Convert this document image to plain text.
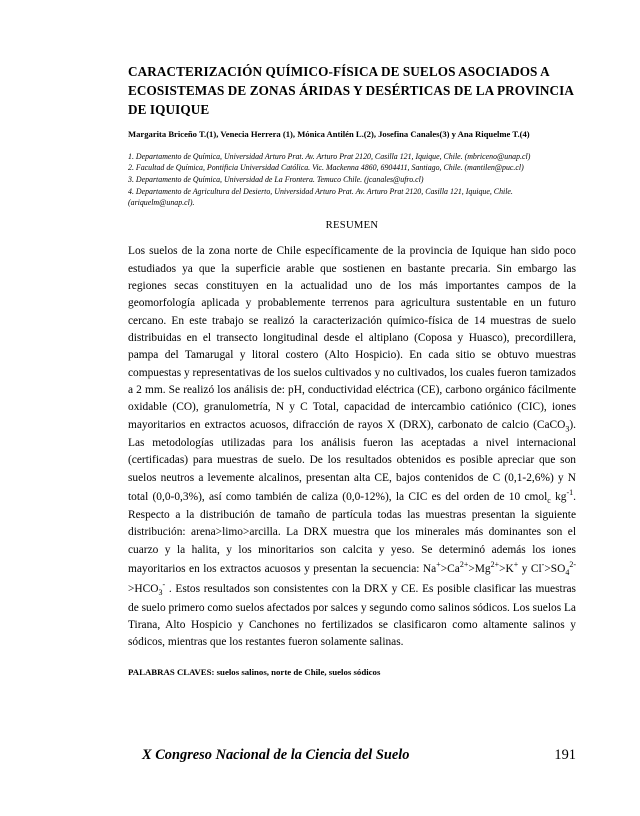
CARACTERIZACIÓN QUÍMICO-FÍSICA DE SUELOS ASOCIADOS A ECOSISTEMAS DE ZONAS ÁRIDAS Y DESÉRTICAS DE LA PROVINCIA DE IQUIQUE
Margarita Briceño T.(1), Venecia Herrera (1), Mónica Antilén L.(2), Josefina Canales(3) y Ana Riquelme T.(4)
1. Departamento de Química, Universidad Arturo Prat. Av. Arturo Prat 2120, Casilla 121, Iquique, Chile. (mbriceno@unap.cl)
2. Facultad de Química, Pontificia Universidad Católica. Vic. Mackenna 4860, 6904411, Santiago, Chile. (mantilen@puc.cl)
3. Departamento de Química, Universidad de La Frontera. Temuco Chile. (jcanales@ufro.cl)
4. Departamento de Agricultura del Desierto, Universidad Arturo Prat. Av. Arturo Prat 2120, Casilla 121, Iquique, Chile. (ariquelm@unap.cl).
RESUMEN
Los suelos de la zona norte de Chile específicamente de la provincia de Iquique han sido poco estudiados ya que la superficie arable que sostienen en bastante precaria. Sin embargo las regiones secas constituyen en la actualidad uno de los más importantes campos de la geomorfología aplicada y probablemente terrenos para agricultura sustentable en un futuro cercano. En este trabajo se realizó la caracterización químico-física de 14 muestras de suelo distribuidas en el transecto longitudinal desde el altiplano (Coposa y Huasco), precordillera, pampa del Tamarugal y litoral costero (Alto Hospicio). En cada sitio se obtuvo muestras compuestas y representativas de los suelos cultivados y no cultivados, los cuales fueron tamizados a 2 mm. Se realizó los análisis de: pH, conductividad eléctrica (CE), carbono orgánico fácilmente oxidable (CO), granulometría, N y C Total, capacidad de intercambio catiónico (CIC), iones mayoritarios en extractos acuosos, difracción de rayos X (DRX), carbonato de calcio (CaCO$_3$). Las metodologías utilizadas para los análisis fueron las aceptadas a nivel internacional (certificadas) para muestras de suelo. De los resultados obtenidos es posible apreciar que son suelos neutros a levemente alcalinos, presentan alta CE, bajos contenidos de C (0,1-2,6%) y N total (0,0-0,3%), así como también de caliza (0,0-12%), la CIC es del orden de 10 cmol$_c$ $kg^{-1}$. Respecto a la distribución de tamaño de partícula todas las muestras presentan la siguiente distribución: arena>limo>arcilla. La DRX muestra que los minerales más dominantes son el cuarzo y la halita, y los minoritarios son calcita y yeso. Se determinó además los iones mayoritarios en los extractos acuosos y presentan la secuencia: $Na^+>Ca^{2+}>Mg^{2+}>K^+$ y $Cl^->SO_4^{2-}>HCO_3^-$ . Estos resultados son consistentes con la DRX y CE. Es posible clasificar las muestras de suelo primero como suelos afectados por salces y segundo como salinos sódicos. Los suelos La Tirana, Alto Hospicio y Canchones no fertilizados se clasificaron como altamente salinos y sódicos, mientras que los restantes fueron solamente salinas.
PALABRAS CLAVES: suelos salinos, norte de Chile, suelos sódicos
X Congreso Nacional de la Ciencia del Suelo	191
